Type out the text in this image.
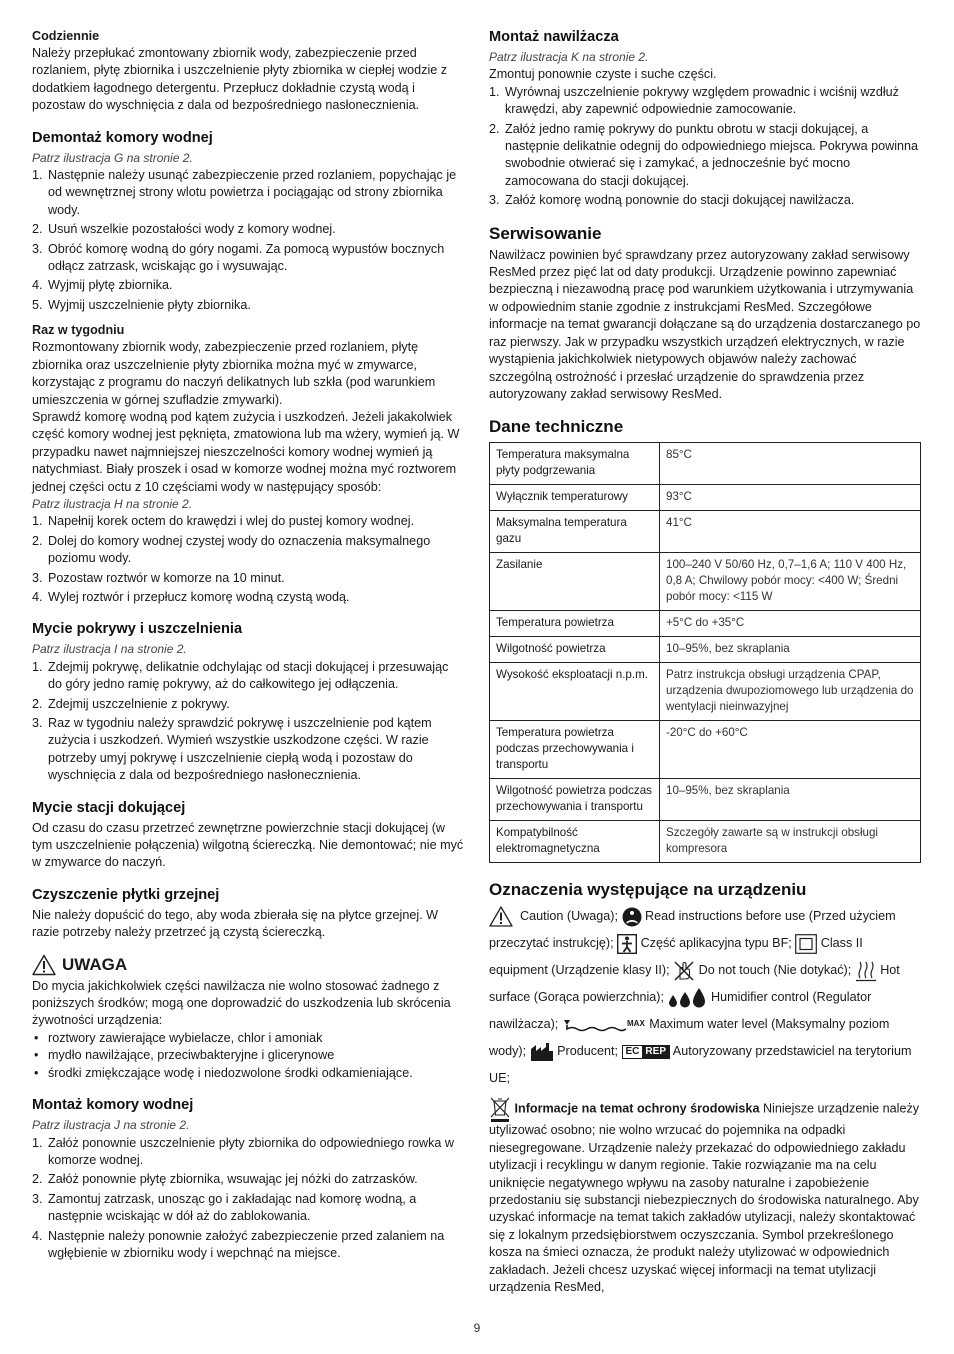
Codziennie

Należy przepłukać zmontowany zbiornik wody, zabezpieczenie przed rozlaniem, płytę zbiornika i uszczelnienie płyty zbiornika w ciepłej wodzie z dodatkiem łagodnego detergentu. Przepłucz dokładnie czystą wodą i pozostaw do wyschnięcia z dala od bezpośredniego nasłonecznienia.

Demontaż komory wodnej

Patrz ilustracja G na stronie 2.

1. Następnie należy usunąć zabezpieczenie przed rozlaniem, popychając je od wewnętrznej strony wlotu powietrza i pociągając od strony zbiornika wody.
2. Usuń wszelkie pozostałości wody z komory wodnej.
3. Obróć komorę wodną do góry nogami. Za pomocą wypustów bocznych odłącz zatrzask, wciskając go i wysuwając.
4. Wyjmij płytę zbiornika.
5. Wyjmij uszczelnienie płyty zbiornika.
Raz w tygodniu

Rozmontowany zbiornik wody, zabezpieczenie przed rozlaniem, płytę zbiornika oraz uszczelnienie płyty zbiornika można myć w zmywarce, korzystając z programu do naczyń delikatnych lub szkła (pod warunkiem umieszczenia w górnej szufladzie zmywarki).

Sprawdź komorę wodną pod kątem zużycia i uszkodzeń. Jeżeli jakakolwiek część komory wodnej jest pęknięta, zmatowiona lub ma wżery, wymień ją. W przypadku nawet najmniejszej nieszczelności komory wodnej wymień ją natychmiast. Biały proszek i osad w komorze wodnej można myć roztworem jednej części octu z 10 częściami wody w następujący sposób:

Patrz ilustracja H na stronie 2.

1. Napełnij korek octem do krawędzi i wlej do pustej komory wodnej.
2. Dolej do komory wodnej czystej wody do oznaczenia maksymalnego poziomu wody.
3. Pozostaw roztwór w komorze na 10 minut.
4. Wylej roztwór i przepłucz komorę wodną czystą wodą.
Mycie pokrywy i uszczelnienia

Patrz ilustracja I na stronie 2.

1. Zdejmij pokrywę, delikatnie odchylając od stacji dokującej i przesuwając do góry jedno ramię pokrywy, aż do całkowitego jej odłączenia.
2. Zdejmij uszczelnienie z pokrywy.
3. Raz w tygodniu należy sprawdzić pokrywę i uszczelnienie pod kątem zużycia i uszkodzeń. Wymień wszystkie uszkodzone części. W razie potrzeby umyj pokrywę i uszczelnienie ciepłą wodą i pozostaw do wyschnięcia z dala od bezpośredniego nasłonecznienia.
Mycie stacji dokującej

Od czasu do czasu przetrzeć zewnętrzne powierzchnie stacji dokującej (w tym uszczelnienie połączenia) wilgotną ściereczką. Nie demontować; nie myć w zmywarce do naczyń.

Czyszczenie płytki grzejnej

Nie należy dopuścić do tego, aby woda zbierała się na płytce grzejnej. W razie potrzeby należy przetrzeć ją czystą ściereczką.

UWAGA

Do mycia jakichkolwiek części nawilżacza nie wolno stosować żadnego z poniższych środków; mogą one doprowadzić do uszkodzenia lub skrócenia żywotności urządzenia:

• roztwory zawierające wybielacze, chlor i amoniak
• mydło nawilżające, przeciwbakteryjne i glicerynowe
• środki zmiękczające wodę i niedozwolone środki odkamieniające.
Montaż komory wodnej

Patrz ilustracja J na stronie 2.

1. Załóż ponownie uszczelnienie płyty zbiornika do odpowiedniego rowka w komorze wodnej.
2. Załóż ponownie płytę zbiornika, wsuwając jej nóżki do zatrzasków.
3. Zamontuj zatrzask, unosząc go i zakładając nad komorę wodną, a następnie wciskając w dół aż do zablokowania.
4. Następnie należy ponownie założyć zabezpieczenie przed zalaniem na wgłębienie w zbiorniku wody i wepchnąć na miejsce.
Montaż nawilżacza

Patrz ilustracja K na stronie 2.

Zmontuj ponownie czyste i suche części.

1. Wyrównaj uszczelnienie pokrywy względem prowadnic i wciśnij wzdłuż krawędzi, aby zapewnić odpowiednie zamocowanie.
2. Załóż jedno ramię pokrywy do punktu obrotu w stacji dokującej, a następnie delikatnie odegnij do odpowiedniego miejsca. Pokrywa powinna swobodnie otwierać się i zamykać, a jednocześnie być mocno zamocowana do stacji dokującej.
3. Załóż komorę wodną ponownie do stacji dokującej nawilżacza.
Serwisowanie

Nawilżacz powinien być sprawdzany przez autoryzowany zakład serwisowy ResMed przez pięć lat od daty produkcji. Urządzenie powinno zapewniać bezpieczną i niezawodną pracę pod warunkiem użytkowania i utrzymywania w odpowiednim stanie zgodnie z instrukcjami ResMed. Szczegółowe informacje na temat gwarancji dołączane są do urządzenia dostarczanego po raz pierwszy. Jak w przypadku wszystkich urządzeń elektrycznych, w razie wystąpienia jakichkolwiek nietypowych objawów należy zachować szczególną ostrożność i przesłać urządzenie do sprawdzenia przez autoryzowany zakład serwisowy ResMed.

Dane techniczne
Temperatura maksymalna płyty podgrzewania	85°C
Wyłącznik temperaturowy	93°C
Maksymalna temperatura gazu	41°C
Zasilanie	100–240 V 50/60 Hz, 0,7–1,6 A; 110 V 400 Hz, 0,8 A; Chwilowy pobór mocy: <400 W; Średni pobór mocy: <115 W
Temperatura powietrza	+5°C do +35°C
Wilgotność powietrza	10–95%, bez skraplania
Wysokość eksploatacji n.p.m.	Patrz instrukcja obsługi urządzenia CPAP, urządzenia dwupoziomowego lub urządzenia do wentylacji nieinwazyjnej
Temperatura powietrza podczas przechowywania i transportu	-20°C do +60°C
Wilgotność powietrza podczas przechowywania i transportu	10–95%, bez skraplania
Kompatybilność elektromagnetyczna	Szczegóły zawarte są w instrukcji obsługi kompresora
Oznaczenia występujące na urządzeniu

Caution (Uwaga); Read instructions before use (Przed użyciem przeczytać instrukcję); Część aplikacyjna typu BF; Class II equipment (Urządzenie klasy II); Do not touch (Nie dotykać); Hot surface (Gorąca powierzchnia);	Humidifier control (Regulator nawilżacza);	MAX Maximum water level (Maksymalny poziom wody); Producent; EC REP Autoryzowany przedstawiciel na terytorium UE;

Informacje na temat ochrony środowiska Niniejsze urządzenie należy utylizować osobno; nie wolno wrzucać do pojemnika na odpadki niesegregowane. Urządzenie należy przekazać do odpowiedniego zakładu utylizacji i recyklingu w danym regionie. Takie rozwiązanie ma na celu uniknięcie negatywnego wpływu na zasoby naturalne i zapobieżenie przedostaniu się substancji niebezpiecznych do środowiska naturalnego. Aby uzyskać informacje na temat takich zakładów utylizacji, należy skontaktować się z lokalnym przedsiębiorstwem oczyszczania. Symbol przekreślonego kosza na śmieci oznacza, że produkt należy utylizować w odpowiednich zakładach. Jeżeli chcesz uzyskać więcej informacji na temat utylizacji urządzenia ResMed,

9
